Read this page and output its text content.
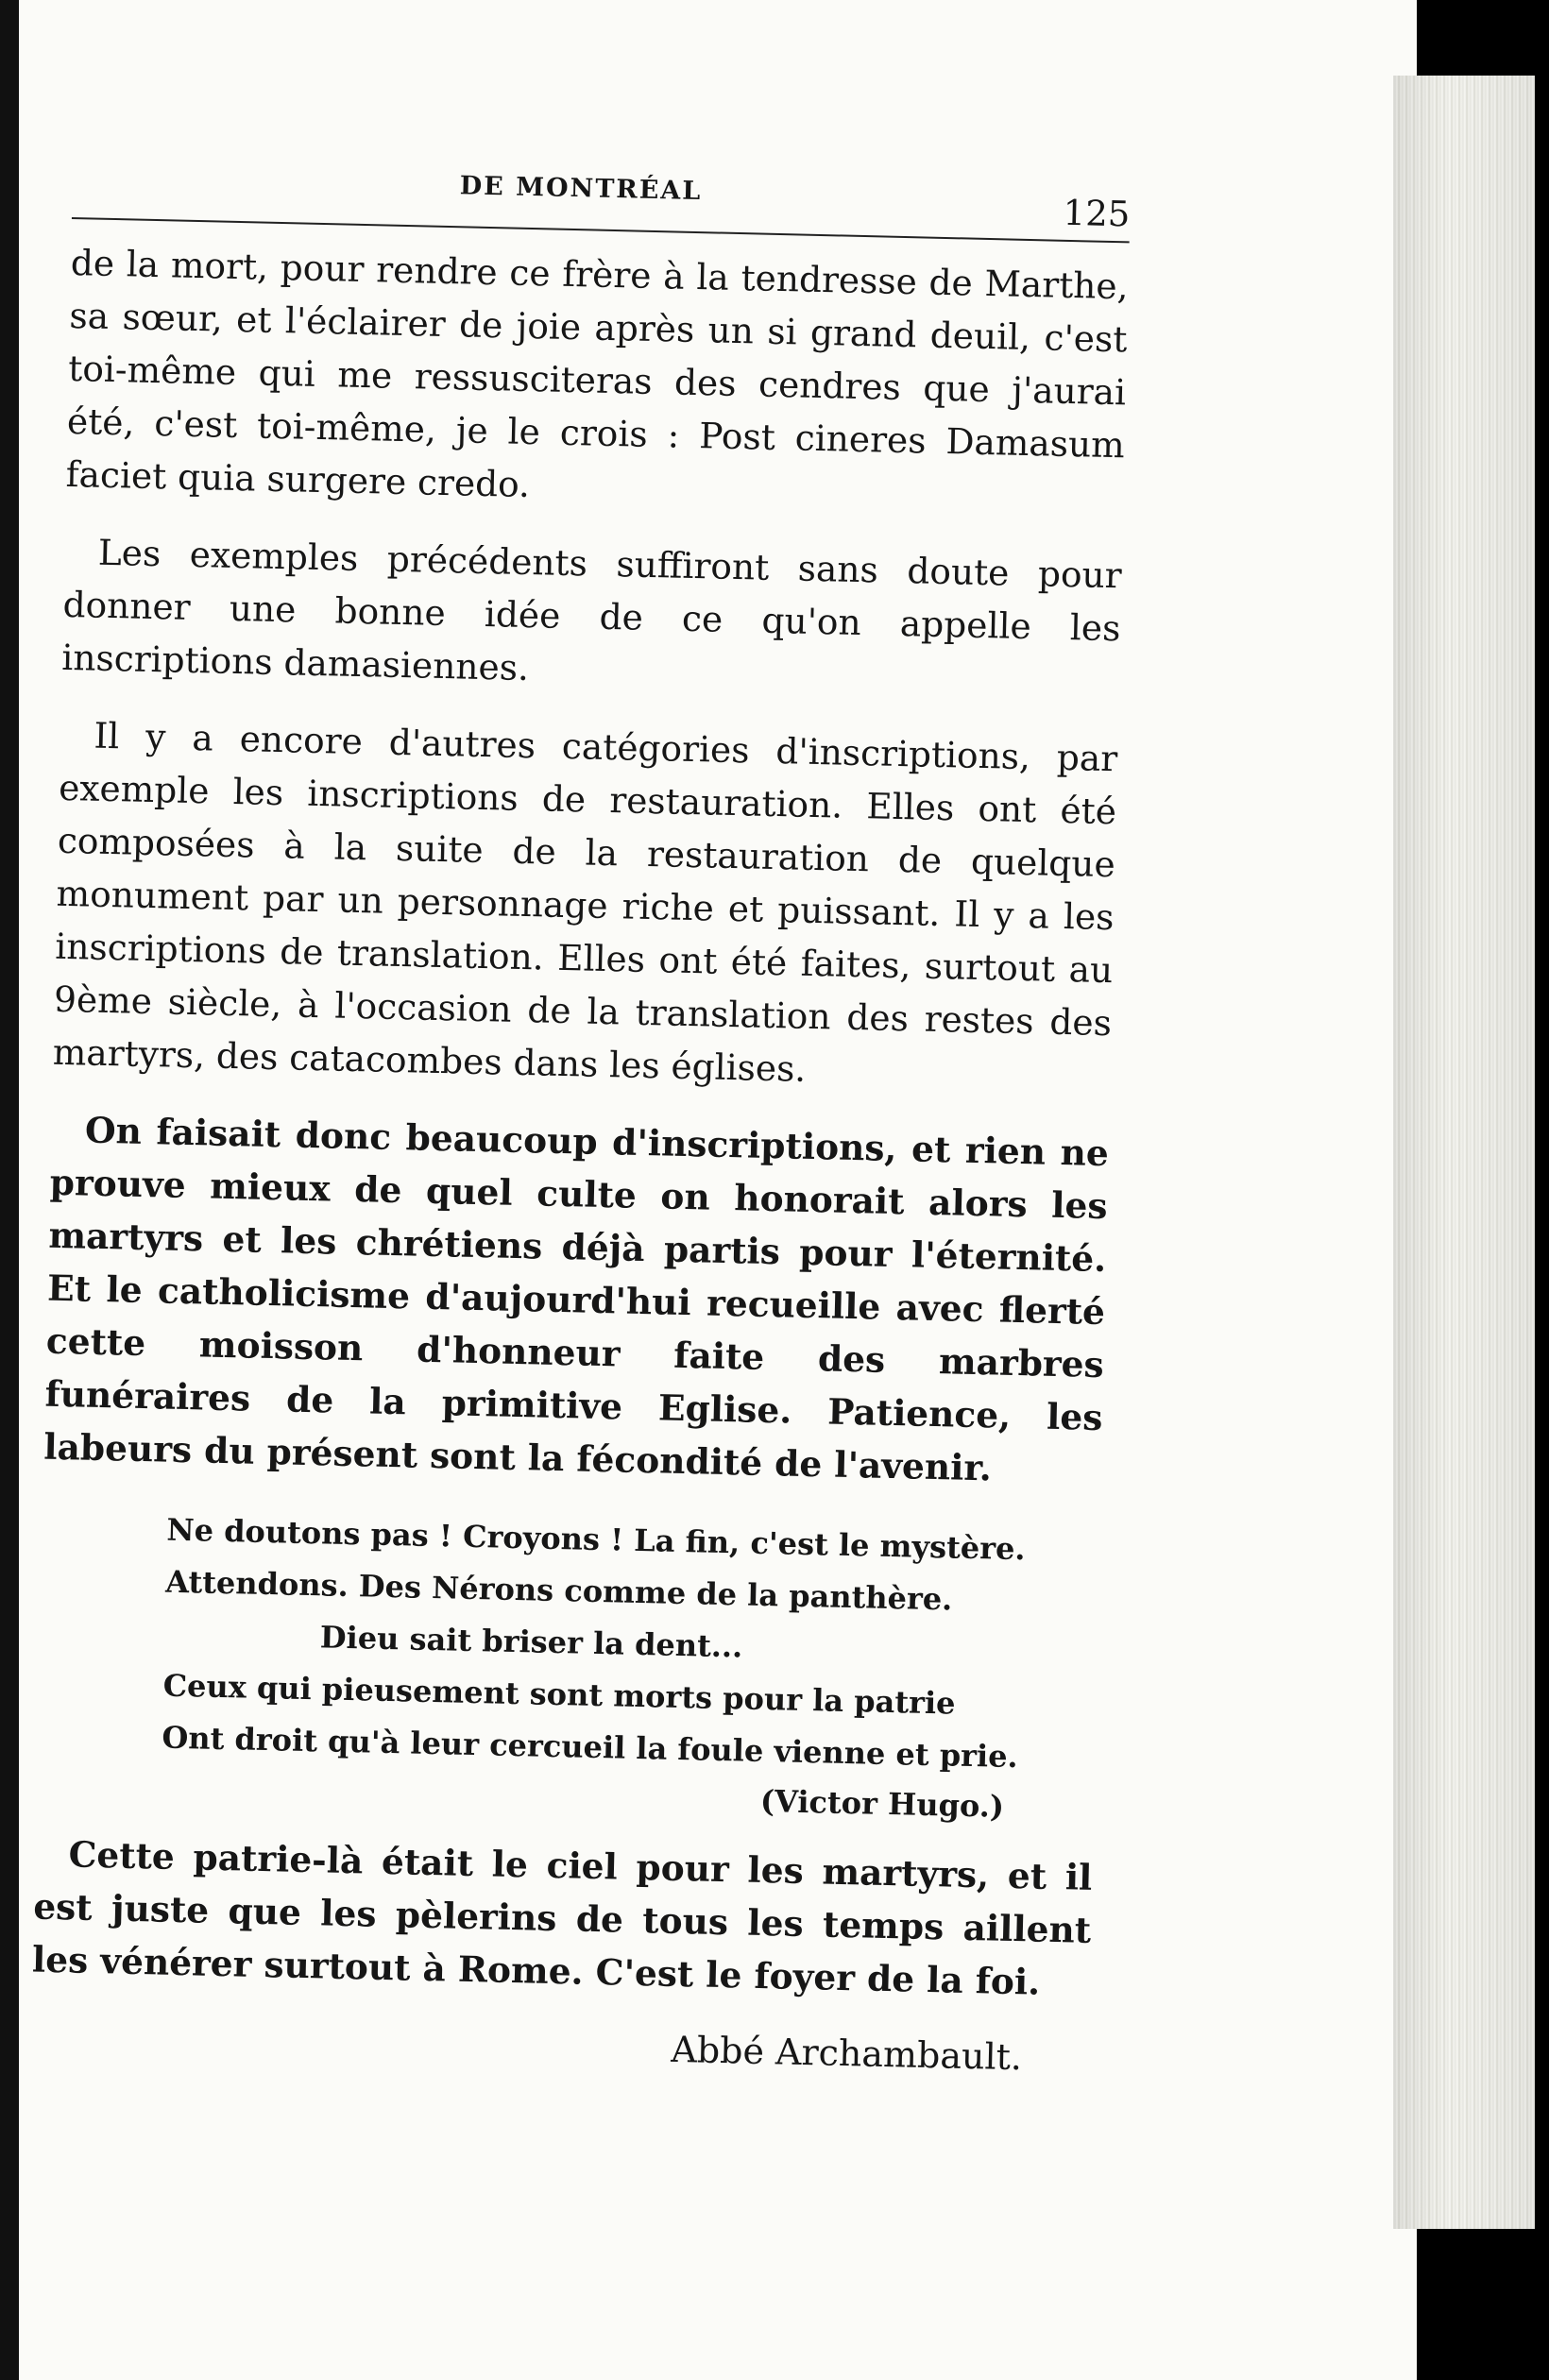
DE MONTRÉAL
125

de la mort, pour rendre ce frère à la tendresse de Marthe, sa sœur, et l'éclairer de joie après un si grand deuil, c'est toi-même qui me ressusciteras des cendres que j'aurai été, c'est toi-même, je le crois : Post cineres Damasum faciet quia surgere credo.

Les exemples précédents suffiront sans doute pour donner une bonne idée de ce qu'on appelle les inscriptions damasiennes.

Il y a encore d'autres catégories d'inscriptions, par exemple les inscriptions de restauration. Elles ont été composées à la suite de la restauration de quelque monument par un personnage riche et puissant. Il y a les inscriptions de translation. Elles ont été faites, surtout au 9ème siècle, à l'occasion de la translation des restes des martyrs, des catacombes dans les églises.

On faisait donc beaucoup d'inscriptions, et rien ne prouve mieux de quel culte on honorait alors les martyrs et les chrétiens déjà partis pour l'éternité. Et le catholicisme d'aujourd'hui recueille avec flerté cette moisson d'honneur faite des marbres funéraires de la primitive Eglise. Patience, les labeurs du présent sont la fécondité de l'avenir.

Ne doutons pas ! Croyons ! La fin, c'est le mystère.
Attendons. Des Nérons comme de la panthère.
Dieu sait briser la dent...
Ceux qui pieusement sont morts pour la patrie
Ont droit qu'à leur cercueil la foule vienne et prie.
(Victor Hugo.)

Cette patrie-là était le ciel pour les martyrs, et il est juste que les pèlerins de tous les temps aillent les vénérer surtout à Rome. C'est le foyer de la foi.

Abbé Archambault.
